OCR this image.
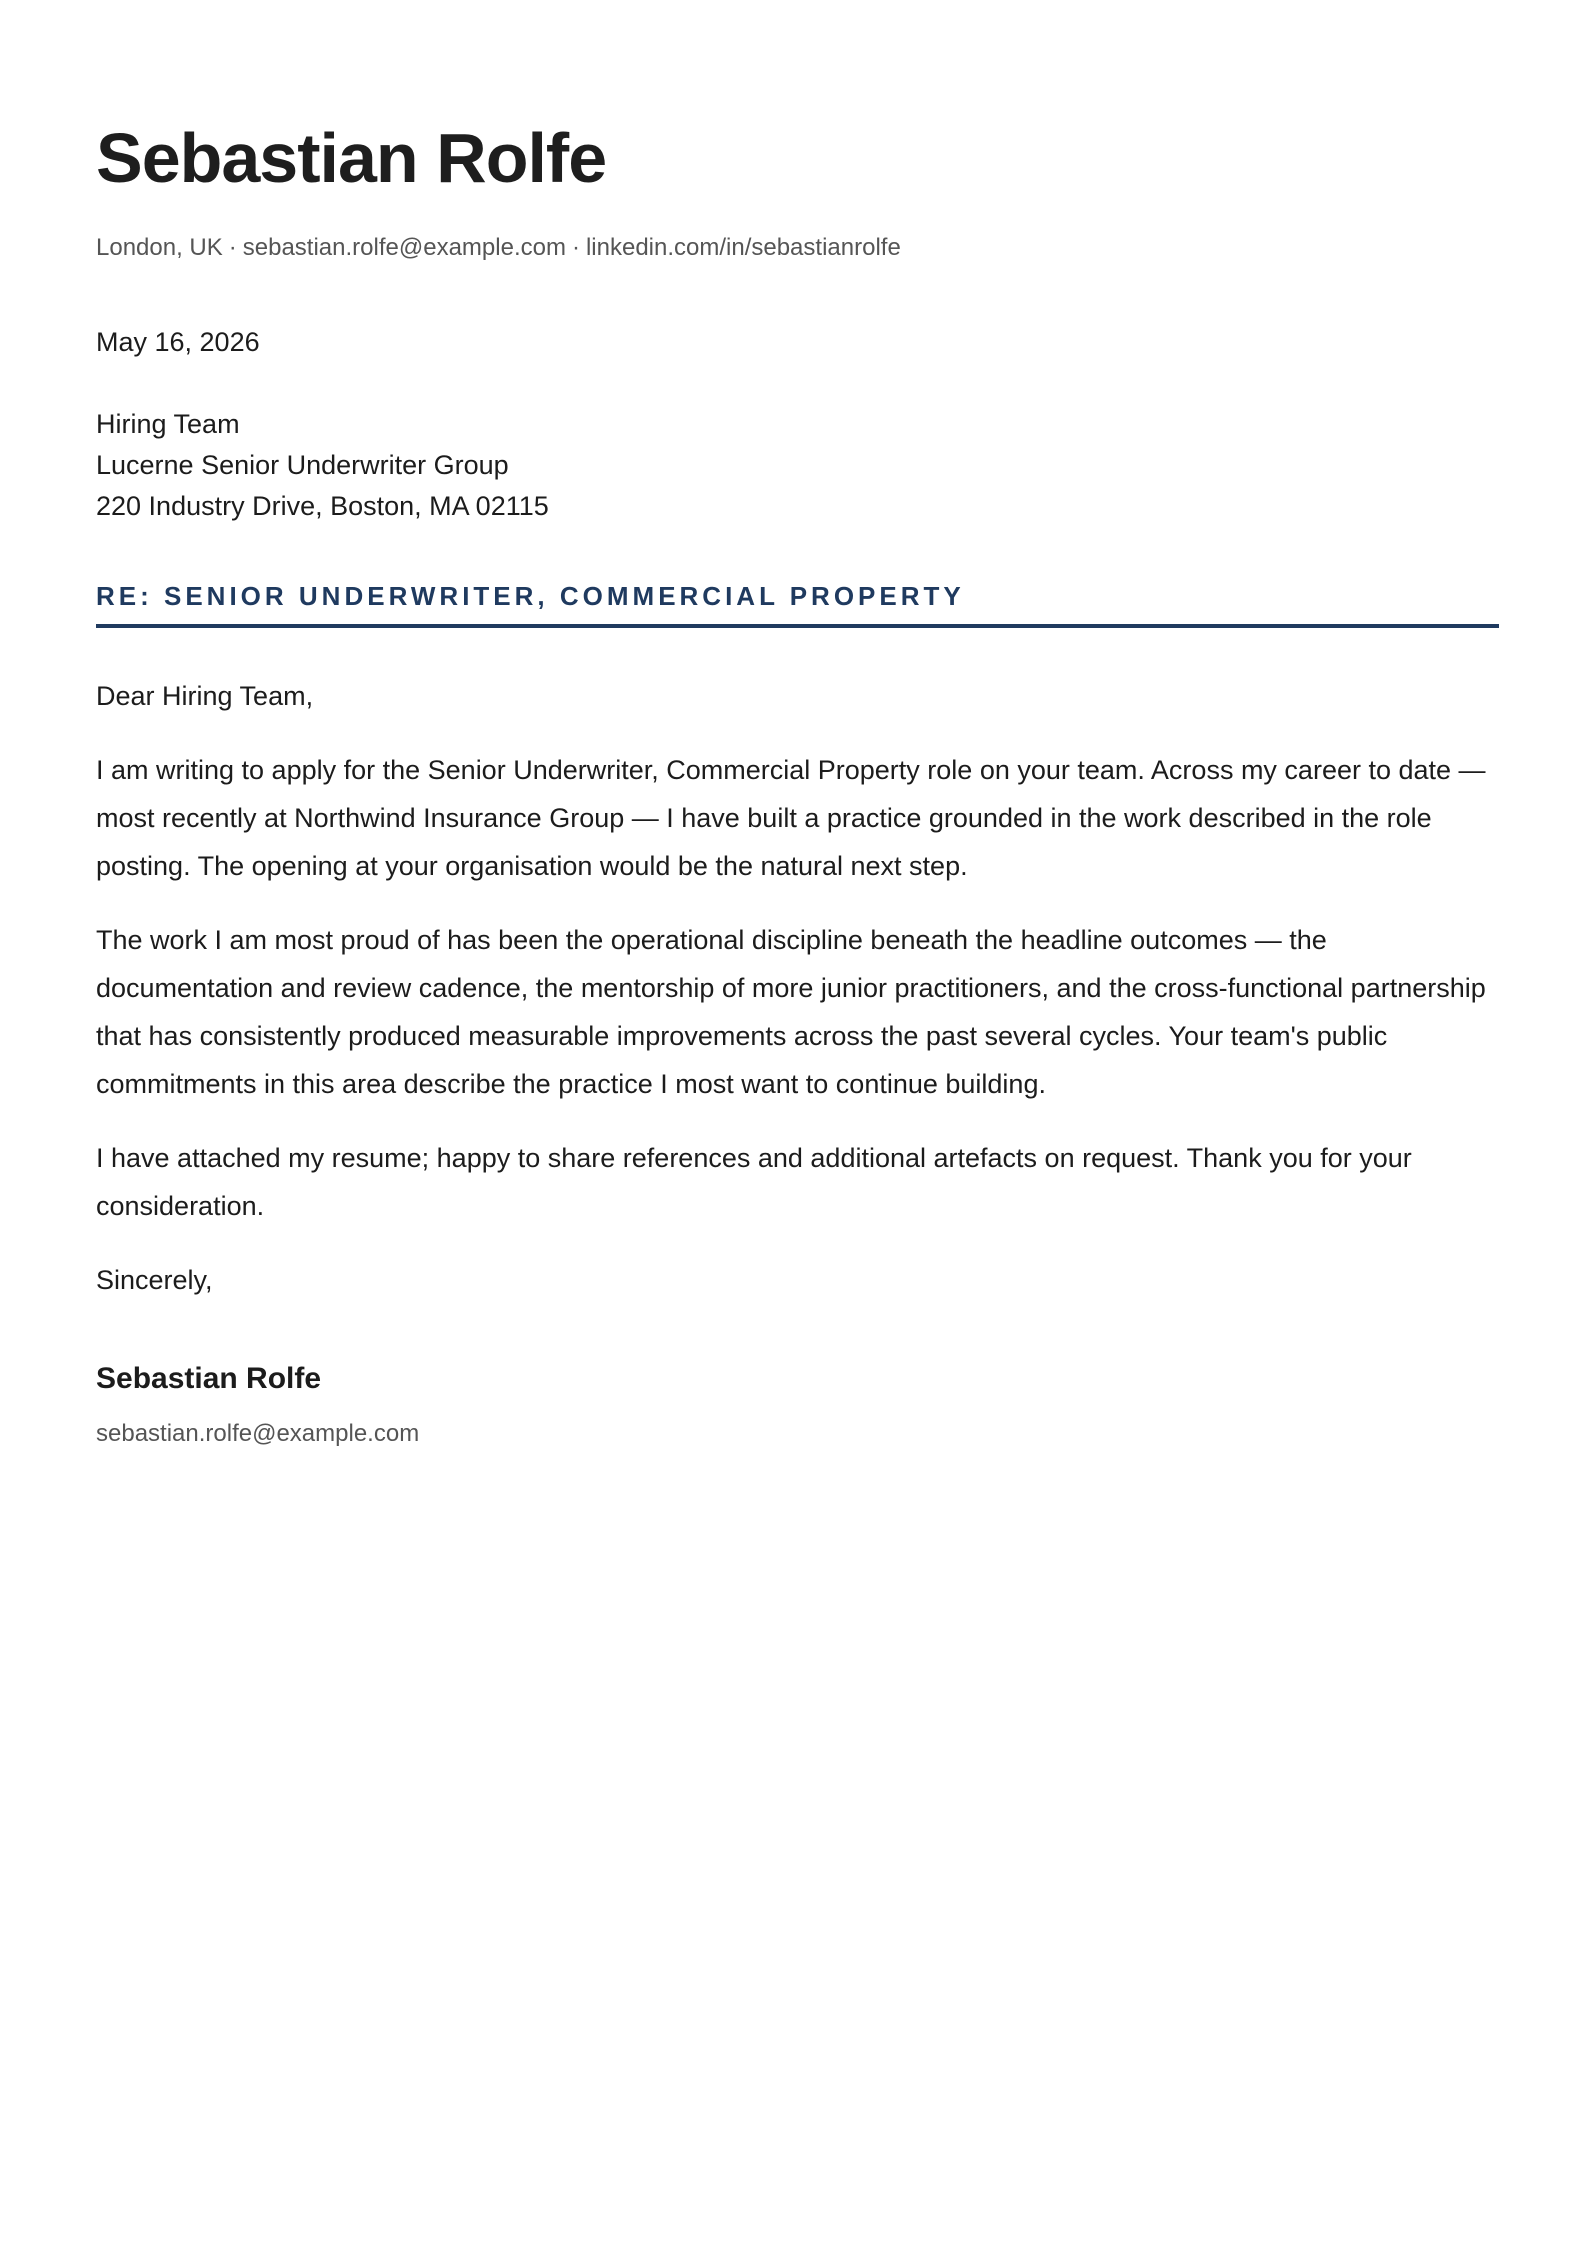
Sebastian Rolfe
London, UK · sebastian.rolfe@example.com · linkedin.com/in/sebastianrolfe
May 16, 2026
Hiring Team
Lucerne Senior Underwriter Group
220 Industry Drive, Boston, MA 02115
RE: SENIOR UNDERWRITER, COMMERCIAL PROPERTY

Dear Hiring Team,

I am writing to apply for the Senior Underwriter, Commercial Property role on your team. Across my career to date — most recently at Northwind Insurance Group — I have built a practice grounded in the work described in the role posting. The opening at your organisation would be the natural next step.

The work I am most proud of has been the operational discipline beneath the headline outcomes — the documentation and review cadence, the mentorship of more junior practitioners, and the cross-functional partnership that has consistently produced measurable improvements across the past several cycles. Your team's public commitments in this area describe the practice I most want to continue building.

I have attached my resume; happy to share references and additional artefacts on request. Thank you for your consideration.

Sincerely,
Sebastian Rolfe
sebastian.rolfe@example.com
